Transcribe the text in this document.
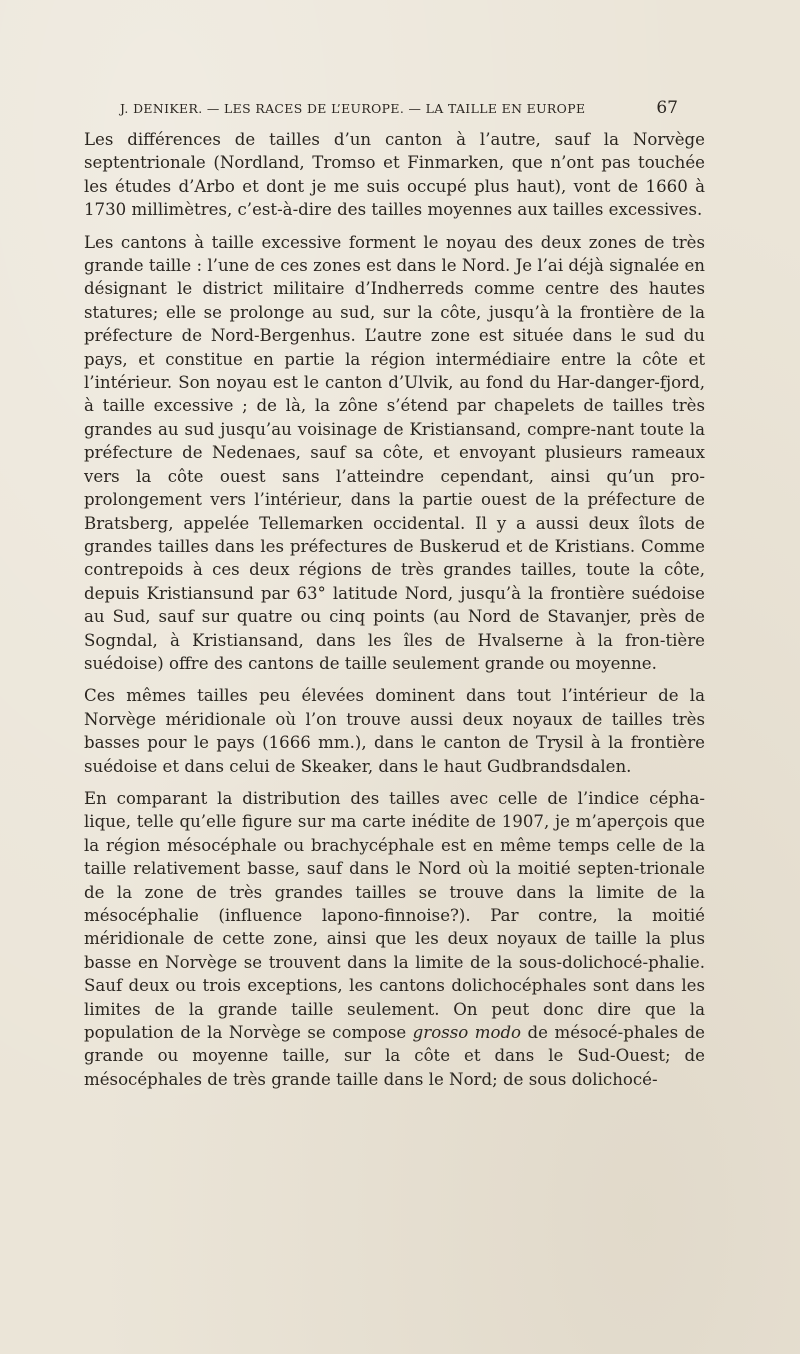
J. DENIKER. — LES RACES DE L’EUROPE. — LA TAILLE EN EUROPE	67

Les différences de tailles d’un canton à l’autre, sauf la Norvège septentrionale (Nordland, Tromso et Finmarken, que n’ont pas touchée les études d’Arbo et dont je me suis occupé plus haut), vont de 1660 à 1730 millimètres, c’est-à-dire des tailles moyennes aux tailles excessives.

Les cantons à taille excessive forment le noyau des deux zones de très grande taille : l’une de ces zones est dans le Nord. Je l’ai déjà signalée en désignant le district militaire d’Indherreds comme centre des hautes statures; elle se prolonge au sud, sur la côte, jusqu’à la frontière de la préfecture de Nord-Bergenhus. L’autre zone est située dans le sud du pays, et constitue en partie la région intermédiaire entre la côte et l’intérieur. Son noyau est le canton d’Ulvik, au fond du Har-danger-fjord, à taille excessive ; de là, la zône s’étend par chapelets de tailles très grandes au sud jusqu’au voisinage de Kristiansand, compre-nant toute la préfecture de Nedenaes, sauf sa côte, et envoyant plusieurs rameaux vers la côte ouest sans l’atteindre cependant, ainsi qu’un pro-prolongement vers l’intérieur, dans la partie ouest de la préfecture de Bratsberg, appelée Tellemarken occidental. Il y a aussi deux îlots de grandes tailles dans les préfectures de Buskerud et de Kristians. Comme contrepoids à ces deux régions de très grandes tailles, toute la côte, depuis Kristiansund par 63° latitude Nord, jusqu’à la frontière suédoise au Sud, sauf sur quatre ou cinq points (au Nord de Stavanjer, près de Sogndal, à Kristiansand, dans les îles de Hvalserne à la fron-tière suédoise) offre des cantons de taille seulement grande ou moyenne.

Ces mêmes tailles peu élevées dominent dans tout l’intérieur de la Norvège méridionale où l’on trouve aussi deux noyaux de tailles très basses pour le pays (1666 mm.), dans le canton de Trysil à la frontière suédoise et dans celui de Skeaker, dans le haut Gudbrandsdalen.

En comparant la distribution des tailles avec celle de l’indice cépha-lique, telle qu’elle figure sur ma carte inédite de 1907, je m’aperçois que la région mésocéphale ou brachycéphale est en même temps celle de la taille relativement basse, sauf dans le Nord où la moitié septen-trionale de la zone de très grandes tailles se trouve dans la limite de la mésocéphalie (influence lapono-finnoise?). Par contre, la moitié méridionale de cette zone, ainsi que les deux noyaux de taille la plus basse en Norvège se trouvent dans la limite de la sous-dolichocé-phalie. Sauf deux ou trois exceptions, les cantons dolichocéphales sont dans les limites de la grande taille seulement. On peut donc dire que la population de la Norvège se compose grosso modo de mésocé-phales de grande ou moyenne taille, sur la côte et dans le Sud-Ouest; de mésocéphales de très grande taille dans le Nord; de sous dolichocé-
